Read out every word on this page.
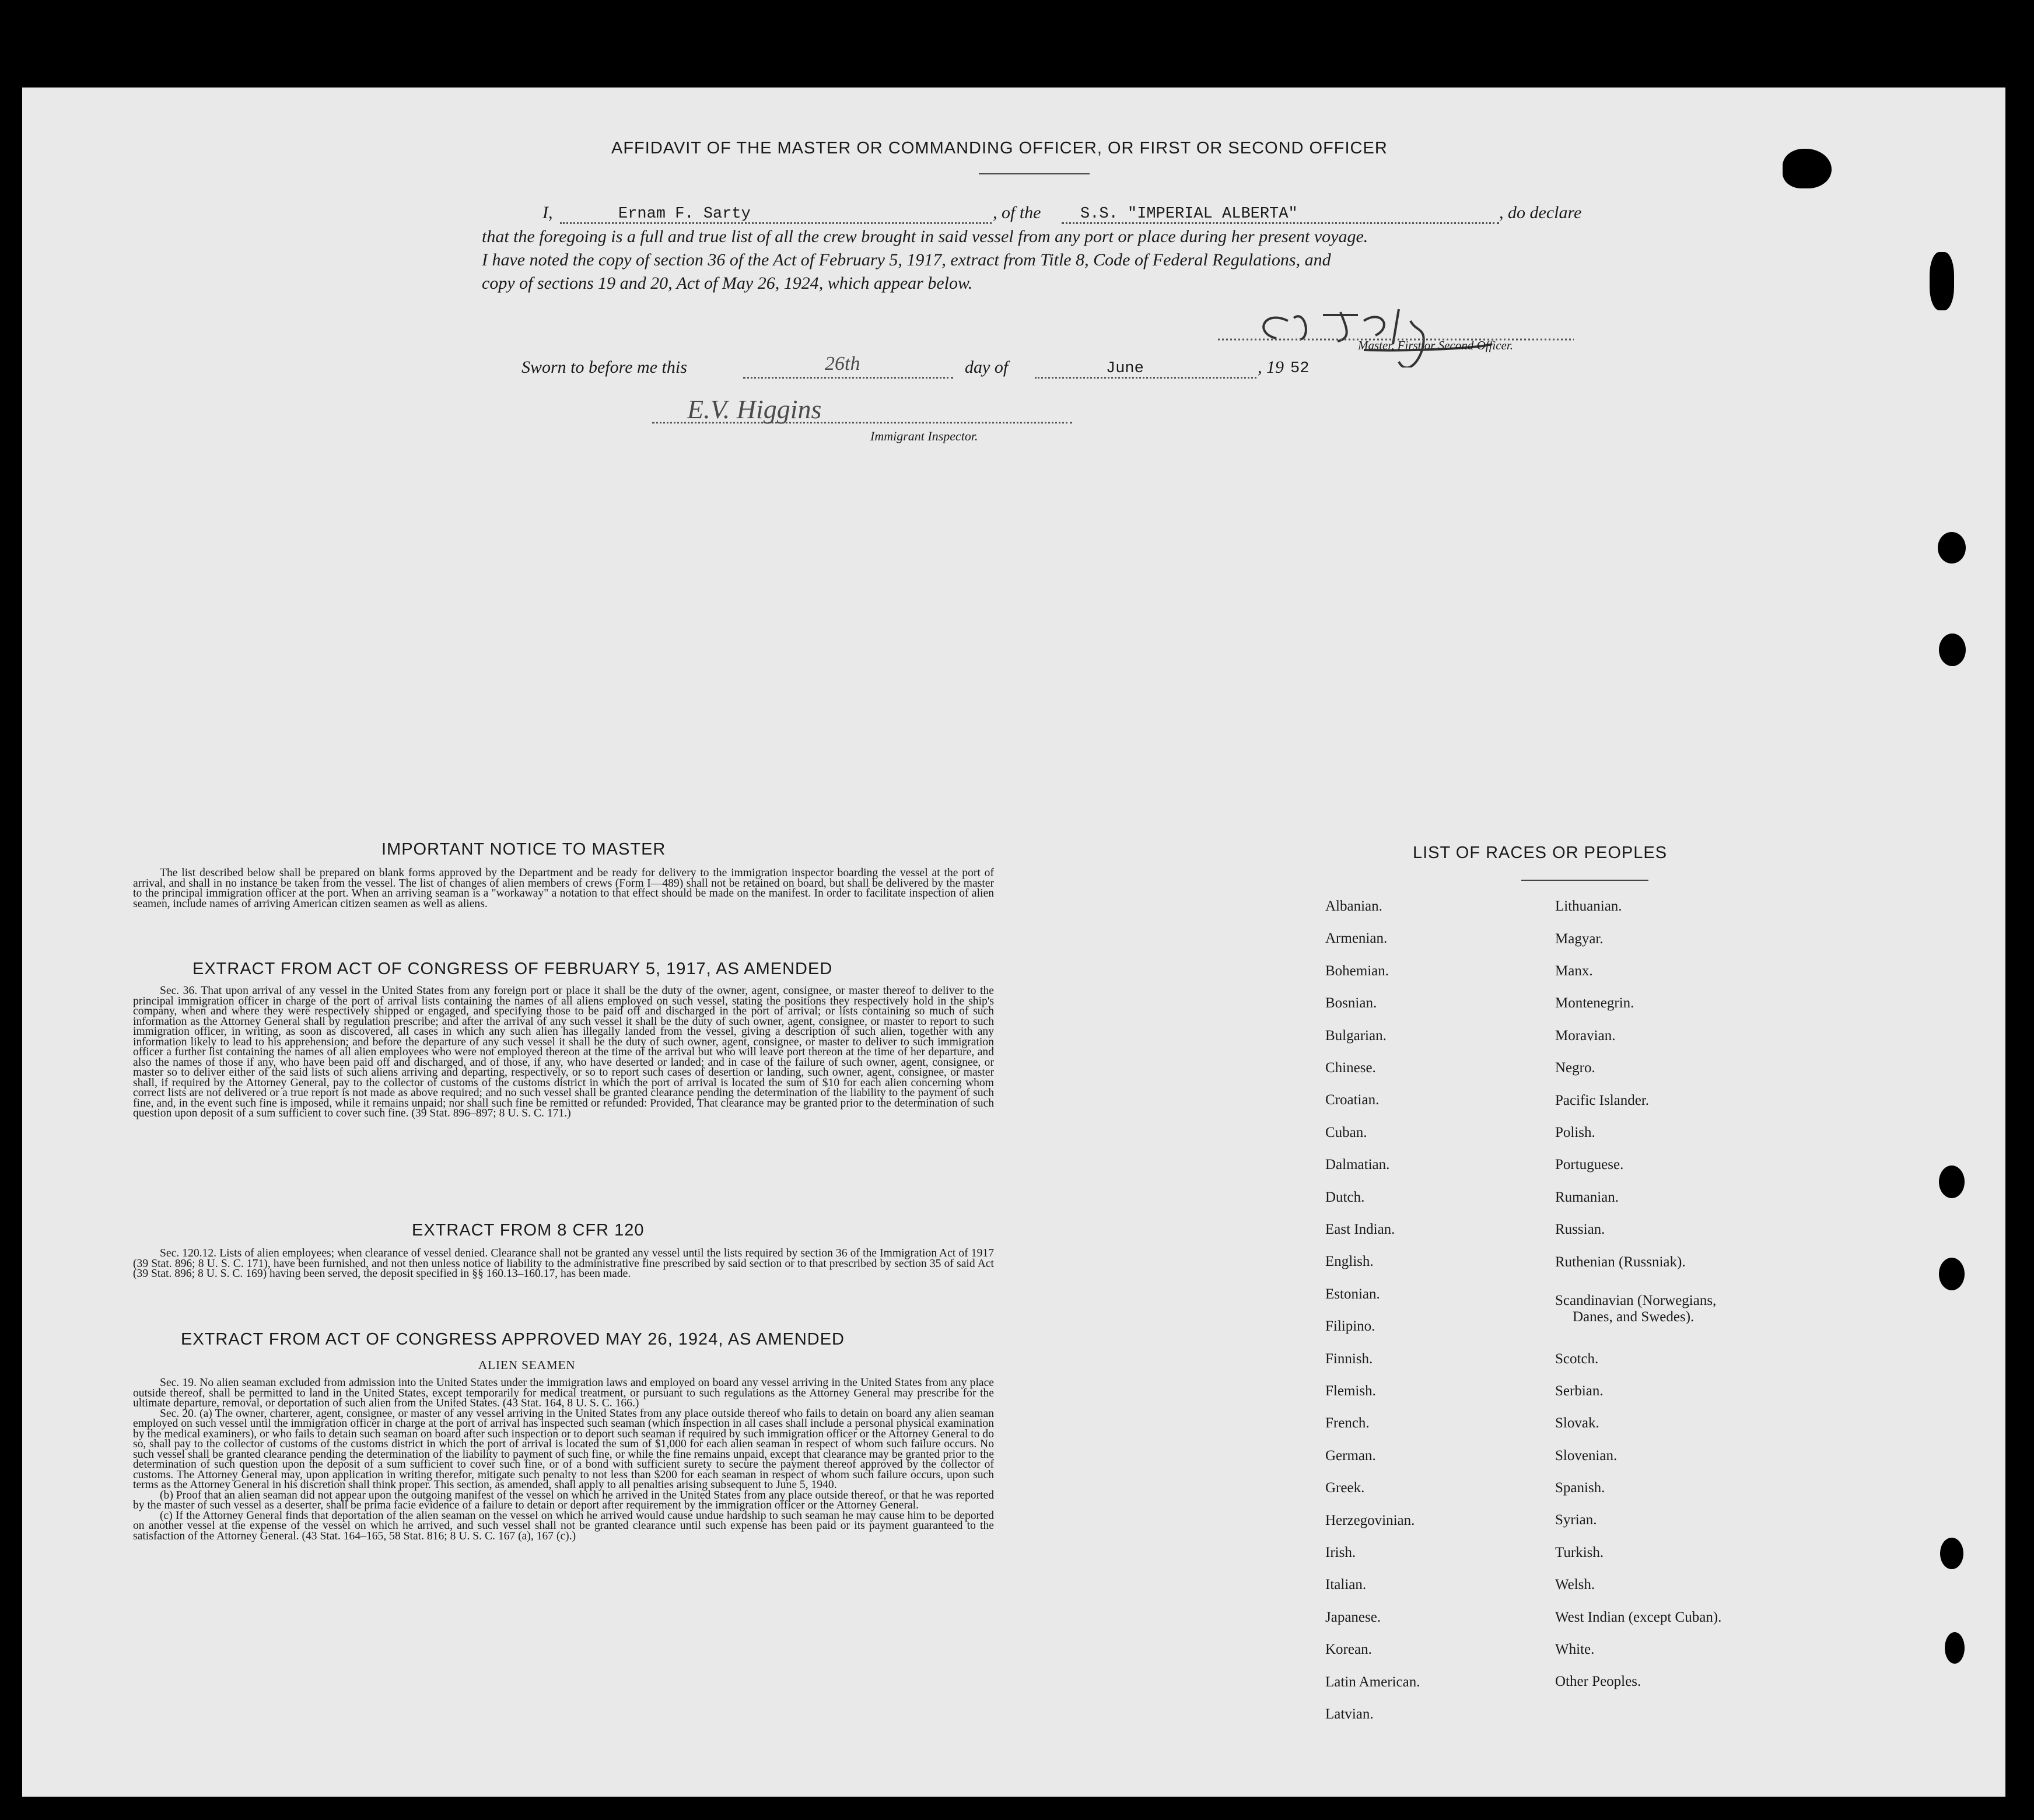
AFFIDAVIT OF THE MASTER OR COMMANDING OFFICER, OR FIRST OR SECOND OFFICER
I,	Ernam F. Sarty	, of the	S.S. "IMPERIAL ALBERTA"	, do declare
that the foregoing is a full and true list of all the crew brought in said vessel from any port or place during her present voyage.
I have noted the copy of section 36 of the Act of February 5, 1917, extract from Title 8, Code of Federal Regulations, and
copy of sections 19 and 20, Act of May 26, 1924, which appear below.
Master, First or Second Officer.
Sworn to before me this	26th	day of	June	, 19 52
E.V. Higgins
Immigrant Inspector.
IMPORTANT NOTICE TO MASTER

The list described below shall be prepared on blank forms approved by the Department and be ready for delivery to the immigration inspector boarding the vessel at the port of arrival, and shall in no instance be taken from the vessel. The list of changes of alien members of crews (Form I—489) shall not be retained on board, but shall be delivered by the master to the principal immigration officer at the port. When an arriving seaman is a "workaway" a notation to that effect should be made on the manifest. In order to facilitate inspection of alien seamen, include names of arriving American citizen seamen as well as aliens.

EXTRACT FROM ACT OF CONGRESS OF FEBRUARY 5, 1917, AS AMENDED

Sec. 36. That upon arrival of any vessel in the United States from any foreign port or place it shall be the duty of the owner, agent, consignee, or master thereof to deliver to the principal immigration officer in charge of the port of arrival lists containing the names of all aliens employed on such vessel, stating the positions they respectively hold in the ship's company, when and where they were respectively shipped or engaged, and specifying those to be paid off and discharged in the port of arrival; or lists containing so much of such information as the Attorney General shall by regulation prescribe; and after the arrival of any such vessel it shall be the duty of such owner, agent, consignee, or master to report to such immigration officer, in writing, as soon as discovered, all cases in which any such alien has illegally landed from the vessel, giving a description of such alien, together with any information likely to lead to his apprehension; and before the departure of any such vessel it shall be the duty of such owner, agent, consignee, or master to deliver to such immigration officer a further list containing the names of all alien employees who were not employed thereon at the time of the arrival but who will leave port thereon at the time of her departure, and also the names of those if any, who have been paid off and discharged, and of those, if any, who have deserted or landed; and in case of the failure of such owner, agent, consignee, or master so to deliver either of the said lists of such aliens arriving and departing, respectively, or so to report such cases of desertion or landing, such owner, agent, consignee, or master shall, if required by the Attorney General, pay to the collector of customs of the customs district in which the port of arrival is located the sum of $10 for each alien concerning whom correct lists are not delivered or a true report is not made as above required; and no such vessel shall be granted clearance pending the determination of the liability to the payment of such fine, and, in the event such fine is imposed, while it remains unpaid; nor shall such fine be remitted or refunded: Provided, That clearance may be granted prior to the determination of such question upon deposit of a sum sufficient to cover such fine. (39 Stat. 896–897; 8 U. S. C. 171.)

EXTRACT FROM 8 CFR 120

Sec. 120.12. Lists of alien employees; when clearance of vessel denied. Clearance shall not be granted any vessel until the lists required by section 36 of the Immigration Act of 1917 (39 Stat. 896; 8 U. S. C. 171), have been furnished, and not then unless notice of liability to the administrative fine prescribed by said section or to that prescribed by section 35 of said Act (39 Stat. 896; 8 U. S. C. 169) having been served, the deposit specified in §§ 160.13–160.17, has been made.

EXTRACT FROM ACT OF CONGRESS APPROVED MAY 26, 1924, AS AMENDED
ALIEN SEAMEN

Sec. 19. No alien seaman excluded from admission into the United States under the immigration laws and employed on board any vessel arriving in the United States from any place outside thereof, shall be permitted to land in the United States, except temporarily for medical treatment, or pursuant to such regulations as the Attorney General may prescribe for the ultimate departure, removal, or deportation of such alien from the United States. (43 Stat. 164, 8 U. S. C. 166.)

Sec. 20. (a) The owner, charterer, agent, consignee, or master of any vessel arriving in the United States from any place outside thereof who fails to detain on board any alien seaman employed on such vessel until the immigration officer in charge at the port of arrival has inspected such seaman (which inspection in all cases shall include a personal physical examination by the medical examiners), or who fails to detain such seaman on board after such inspection or to deport such seaman if required by such immigration officer or the Attorney General to do so, shall pay to the collector of customs of the customs district in which the port of arrival is located the sum of $1,000 for each alien seaman in respect of whom such failure occurs. No such vessel shall be granted clearance pending the determination of the liability to payment of such fine, or while the fine remains unpaid, except that clearance may be granted prior to the determination of such question upon the deposit of a sum sufficient to cover such fine, or of a bond with sufficient surety to secure the payment thereof approved by the collector of customs. The Attorney General may, upon application in writing therefor, mitigate such penalty to not less than $200 for each seaman in respect of whom such failure occurs, upon such terms as the Attorney General in his discretion shall think proper. This section, as amended, shall apply to all penalties arising subsequent to June 5, 1940.

(b) Proof that an alien seaman did not appear upon the outgoing manifest of the vessel on which he arrived in the United States from any place outside thereof, or that he was reported by the master of such vessel as a deserter, shall be prima facie evidence of a failure to detain or deport after requirement by the immigration officer or the Attorney General.

(c) If the Attorney General finds that deportation of the alien seaman on the vessel on which he arrived would cause undue hardship to such seaman he may cause him to be deported on another vessel at the expense of the vessel on which he arrived, and such vessel shall not be granted clearance until such expense has been paid or its payment guaranteed to the satisfaction of the Attorney General. (43 Stat. 164–165, 58 Stat. 816; 8 U. S. C. 167 (a), 167 (c).)

LIST OF RACES OR PEOPLES
Albanian.
Armenian.
Bohemian.
Bosnian.
Bulgarian.
Chinese.
Croatian.
Cuban.
Dalmatian.
Dutch.
East Indian.
English.
Estonian.
Filipino.
Finnish.
Flemish.
French.
German.
Greek.
Herzegovinian.
Irish.
Italian.
Japanese.
Korean.
Latin American.
Latvian.
Lithuanian.
Magyar.
Manx.
Montenegrin.
Moravian.
Negro.
Pacific Islander.
Polish.
Portuguese.
Rumanian.
Russian.
Ruthenian (Russniak).
Scandinavian (Norwegians,
Danes, and Swedes).
Scotch.
Serbian.
Slovak.
Slovenian.
Spanish.
Syrian.
Turkish.
Welsh.
West Indian (except Cuban).
White.
Other Peoples.
